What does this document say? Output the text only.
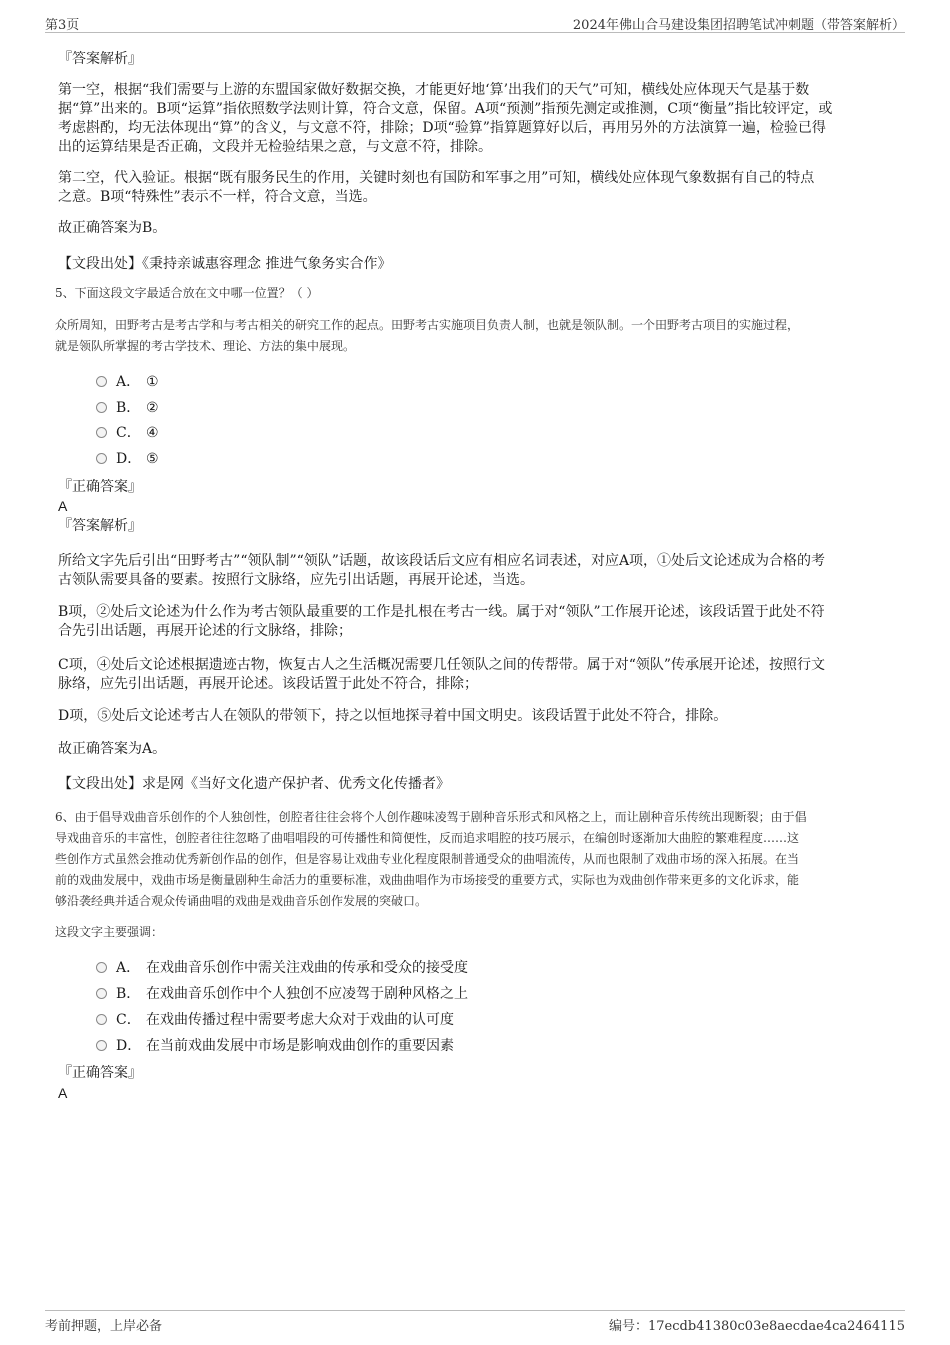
第3页	2024年佛山合马建设集团招聘笔试冲刺题（带答案解析）
『答案解析』
第一空，根据“我们需要与上游的东盟国家做好数据交换，才能更好地‘算’出我们的天气”可知，横线处应体现天气是基于数
据“算”出来的。B项“运算”指依照数学法则计算，符合文意，保留。A项“预测”指预先测定或推测，C项“衡量”指比较评定，或
考虑斟酌，均无法体现出“算”的含义，与文意不符，排除；D项“验算”指算题算好以后，再用另外的方法演算一遍，检验已得
出的运算结果是否正确，文段并无检验结果之意，与文意不符，排除。
第二空，代入验证。根据“既有服务民生的作用，关键时刻也有国防和军事之用”可知，横线处应体现气象数据有自己的特点
之意。B项“特殊性”表示不一样，符合文意，当选。
故正确答案为B。
【文段出处】《秉持亲诚惠容理念 推进气象务实合作》
5、下面这段文字最适合放在文中哪一位置？（ ）
众所周知，田野考古是考古学和与考古相关的研究工作的起点。田野考古实施项目负责人制，也就是领队制。一个田野考古项目的实施过程，
就是领队所掌握的考古学技术、理论、方法的集中展现。
A． ①
B． ②
C． ④
D． ⑤
『正确答案』
A
『答案解析』
所给文字先后引出“田野考古”“领队制”“领队”话题，故该段话后文应有相应名词表述，对应A项，①处后文论述成为合格的考
古领队需要具备的要素。按照行文脉络，应先引出话题，再展开论述，当选。
B项，②处后文论述为什么作为考古领队最重要的工作是扎根在考古一线。属于对“领队”工作展开论述，该段话置于此处不符
合先引出话题，再展开论述的行文脉络，排除；
C项，④处后文论述根据遗迹古物，恢复古人之生活概况需要几任领队之间的传帮带。属于对“领队”传承展开论述，按照行文
脉络，应先引出话题，再展开论述。该段话置于此处不符合，排除；
D项，⑤处后文论述考古人在领队的带领下，持之以恒地探寻着中国文明史。该段话置于此处不符合，排除。
故正确答案为A。
【文段出处】求是网《当好文化遗产保护者、优秀文化传播者》
6、由于倡导戏曲音乐创作的个人独创性，创腔者往往会将个人创作趣味凌驾于剧种音乐形式和风格之上，而让剧种音乐传统出现断裂；由于倡
导戏曲音乐的丰富性，创腔者往往忽略了曲唱唱段的可传播性和简便性，反而追求唱腔的技巧展示，在编创时逐渐加大曲腔的繁难程度……这
些创作方式虽然会推动优秀新创作品的创作，但是容易让戏曲专业化程度限制普通受众的曲唱流传，从而也限制了戏曲市场的深入拓展。在当
前的戏曲发展中，戏曲市场是衡量剧种生命活力的重要标准，戏曲曲唱作为市场接受的重要方式，实际也为戏曲创作带来更多的文化诉求，能
够沿袭经典并适合观众传诵曲唱的戏曲是戏曲音乐创作发展的突破口。
这段文字主要强调：
A． 在戏曲音乐创作中需关注戏曲的传承和受众的接受度
B． 在戏曲音乐创作中个人独创不应凌驾于剧种风格之上
C． 在戏曲传播过程中需要考虑大众对于戏曲的认可度
D． 在当前戏曲发展中市场是影响戏曲创作的重要因素
『正确答案』
A
考前押题，上岸必备	编号：17ecdb41380c03e8aecdae4ca2464115
